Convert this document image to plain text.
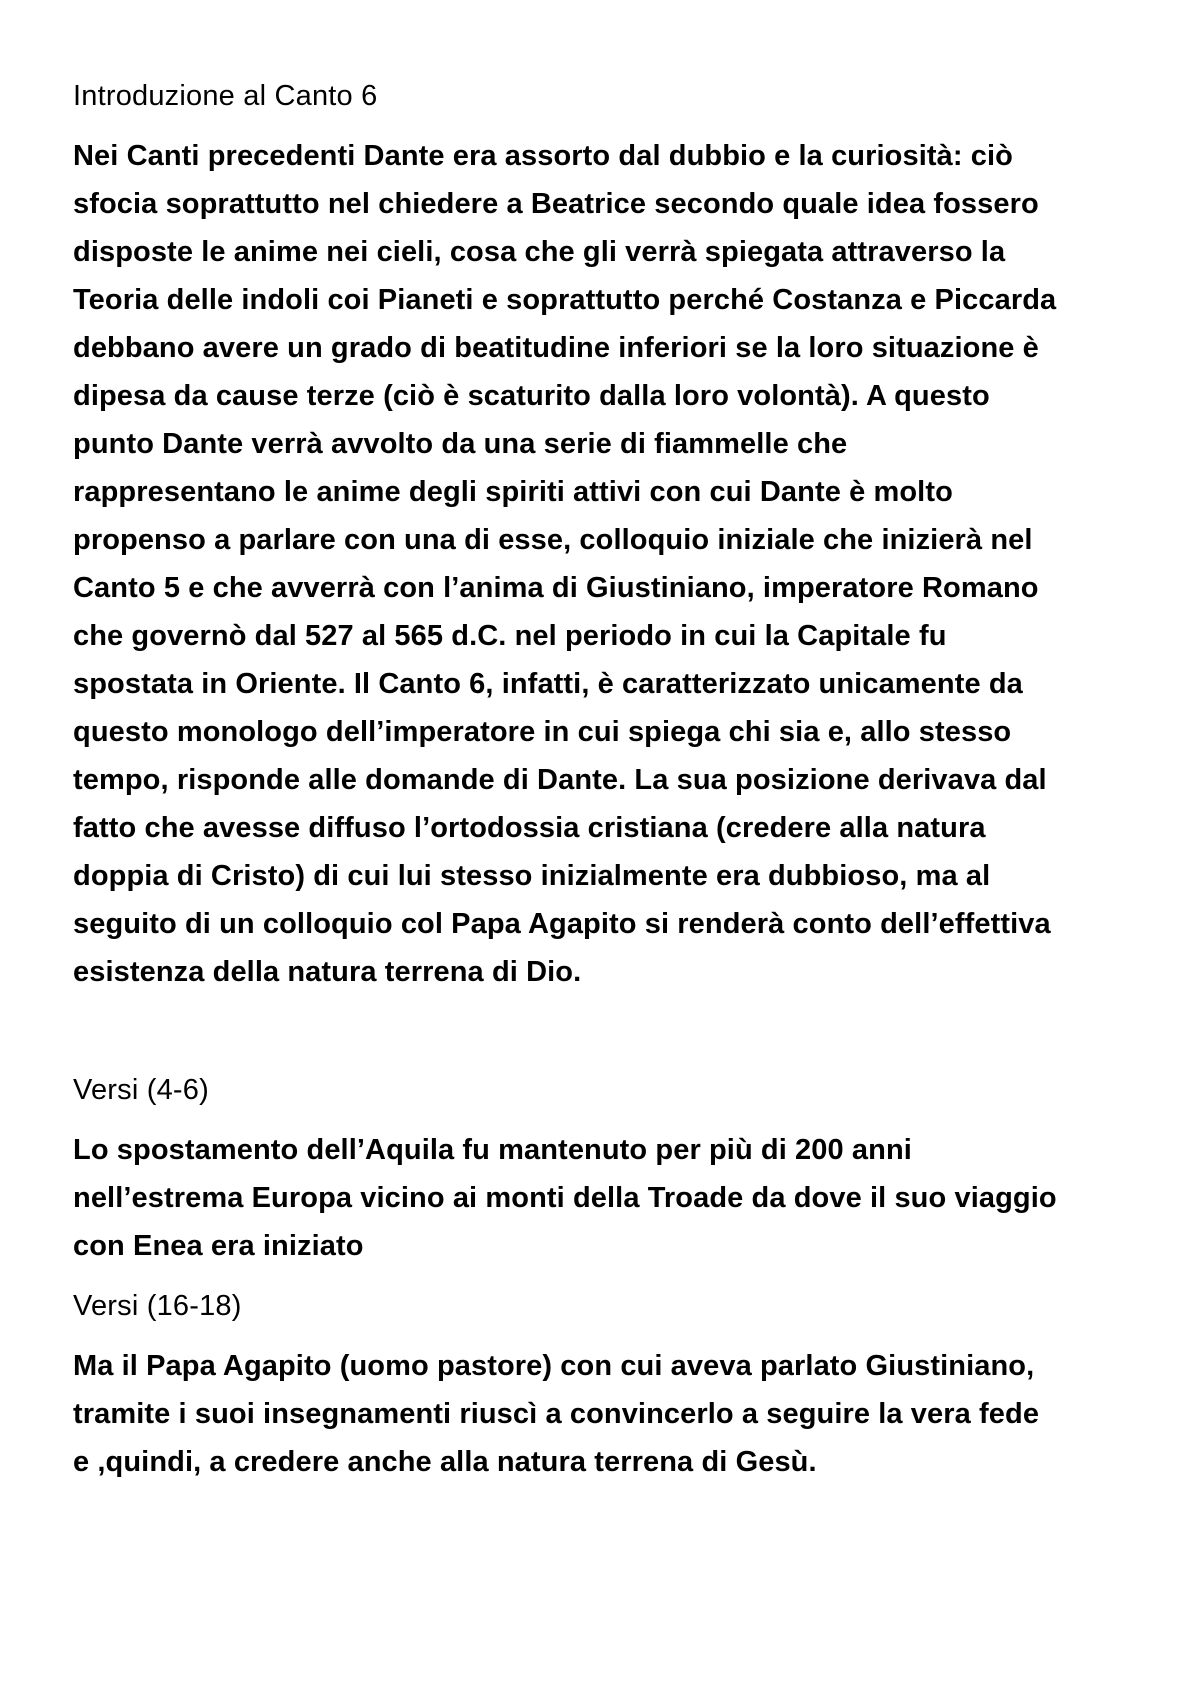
Introduzione al Canto 6
Nei Canti precedenti Dante era assorto dal dubbio e la curiosità: ciò
sfocia soprattutto nel chiedere a Beatrice secondo quale idea fossero
disposte le anime nei cieli, cosa che gli verrà spiegata attraverso la
Teoria delle indoli coi Pianeti e soprattutto perché Costanza e Piccarda
debbano avere un grado di beatitudine inferiori se la loro situazione è
dipesa da cause terze (ciò è scaturito dalla loro volontà). A questo
punto Dante verrà avvolto da una serie di fiammelle che
rappresentano le anime degli spiriti attivi con cui Dante è molto
propenso a parlare con una di esse, colloquio iniziale che inizierà nel
Canto 5 e che avverrà con l’anima di Giustiniano, imperatore Romano
che governò dal 527 al 565 d.C. nel periodo in cui la Capitale fu
spostata in Oriente. Il Canto 6, infatti, è caratterizzato unicamente da
questo monologo dell’imperatore in cui spiega chi sia e, allo stesso
tempo, risponde alle domande di Dante. La sua posizione derivava dal
fatto che avesse diffuso l’ortodossia cristiana (credere alla natura
doppia di Cristo) di cui lui stesso inizialmente era dubbioso, ma al
seguito di un colloquio col Papa Agapito si renderà conto dell’effettiva
esistenza della natura terrena di Dio.
Versi (4-6)
Lo spostamento dell’Aquila fu mantenuto per più di 200 anni
nell’estrema Europa vicino ai monti della Troade da dove il suo viaggio
con Enea era iniziato
Versi (16-18)
Ma il Papa Agapito (uomo pastore) con cui aveva parlato Giustiniano,
tramite i suoi insegnamenti riuscì a convincerlo a seguire la vera fede
e ,quindi, a credere anche alla natura terrena di Gesù.
